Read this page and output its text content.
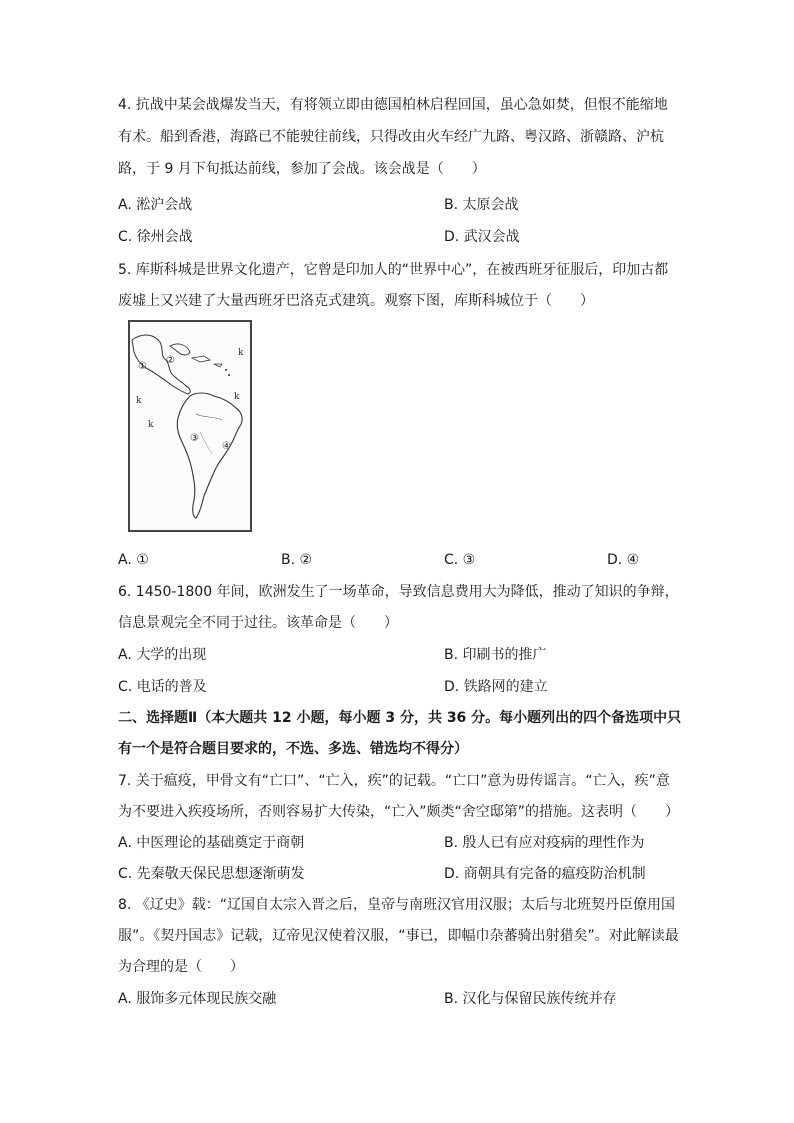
4. 抗战中某会战爆发当天，有将领立即由德国柏林启程回国，虽心急如焚，但恨不能缩地
有术。船到香港，海路已不能驶往前线，只得改由火车经广九路、粤汉路、浙赣路、沪杭
路，于 9 月下旬抵达前线，参加了会战。该会战是（　　）
A. 淞沪会战	B. 太原会战
C. 徐州会战	D. 武汉会战
5. 库斯科城是世界文化遗产，它曾是印加人的“世界中心”，在被西班牙征服后，印加古都
废墟上又兴建了大量西班牙巴洛克式建筑。观察下图，库斯科城位于（　　）
①
②
③
④
k
k	k
k
A. ①	B. ②	C. ③	D. ④
6. 1450-1800 年间，欧洲发生了一场革命，导致信息费用大为降低，推动了知识的争辩，
信息景观完全不同于过往。该革命是（　　）
A. 大学的出现	B. 印刷书的推广
C. 电话的普及	D. 铁路网的建立
二、选择题Ⅱ（本大题共 12 小题，每小题 3 分，共 36 分。每小题列出的四个备选项中只
有一个是符合题目要求的，不选、多选、错选均不得分）
7. 关于瘟疫，甲骨文有“亡口”、“亡入，疾”的记载。“亡口”意为毋传谣言。“亡入，疾”意
为不要进入疾疫场所，否则容易扩大传染，“亡入”颇类“舍空邸第”的措施。这表明（　　）
A. 中医理论的基础奠定于商朝	B. 殷人已有应对疫病的理性作为
C. 先秦敬天保民思想逐渐萌发	D. 商朝具有完备的瘟疫防治机制
8. 《辽史》载：“辽国自太宗入晋之后，皇帝与南班汉官用汉服；太后与北班契丹臣僚用国
服”。《契丹国志》记载，辽帝见汉使着汉服，“事已，即幅巾杂蕃骑出射猎矣”。对此解读最
为合理的是（　　）
A. 服饰多元体现民族交融	B. 汉化与保留民族传统并存
